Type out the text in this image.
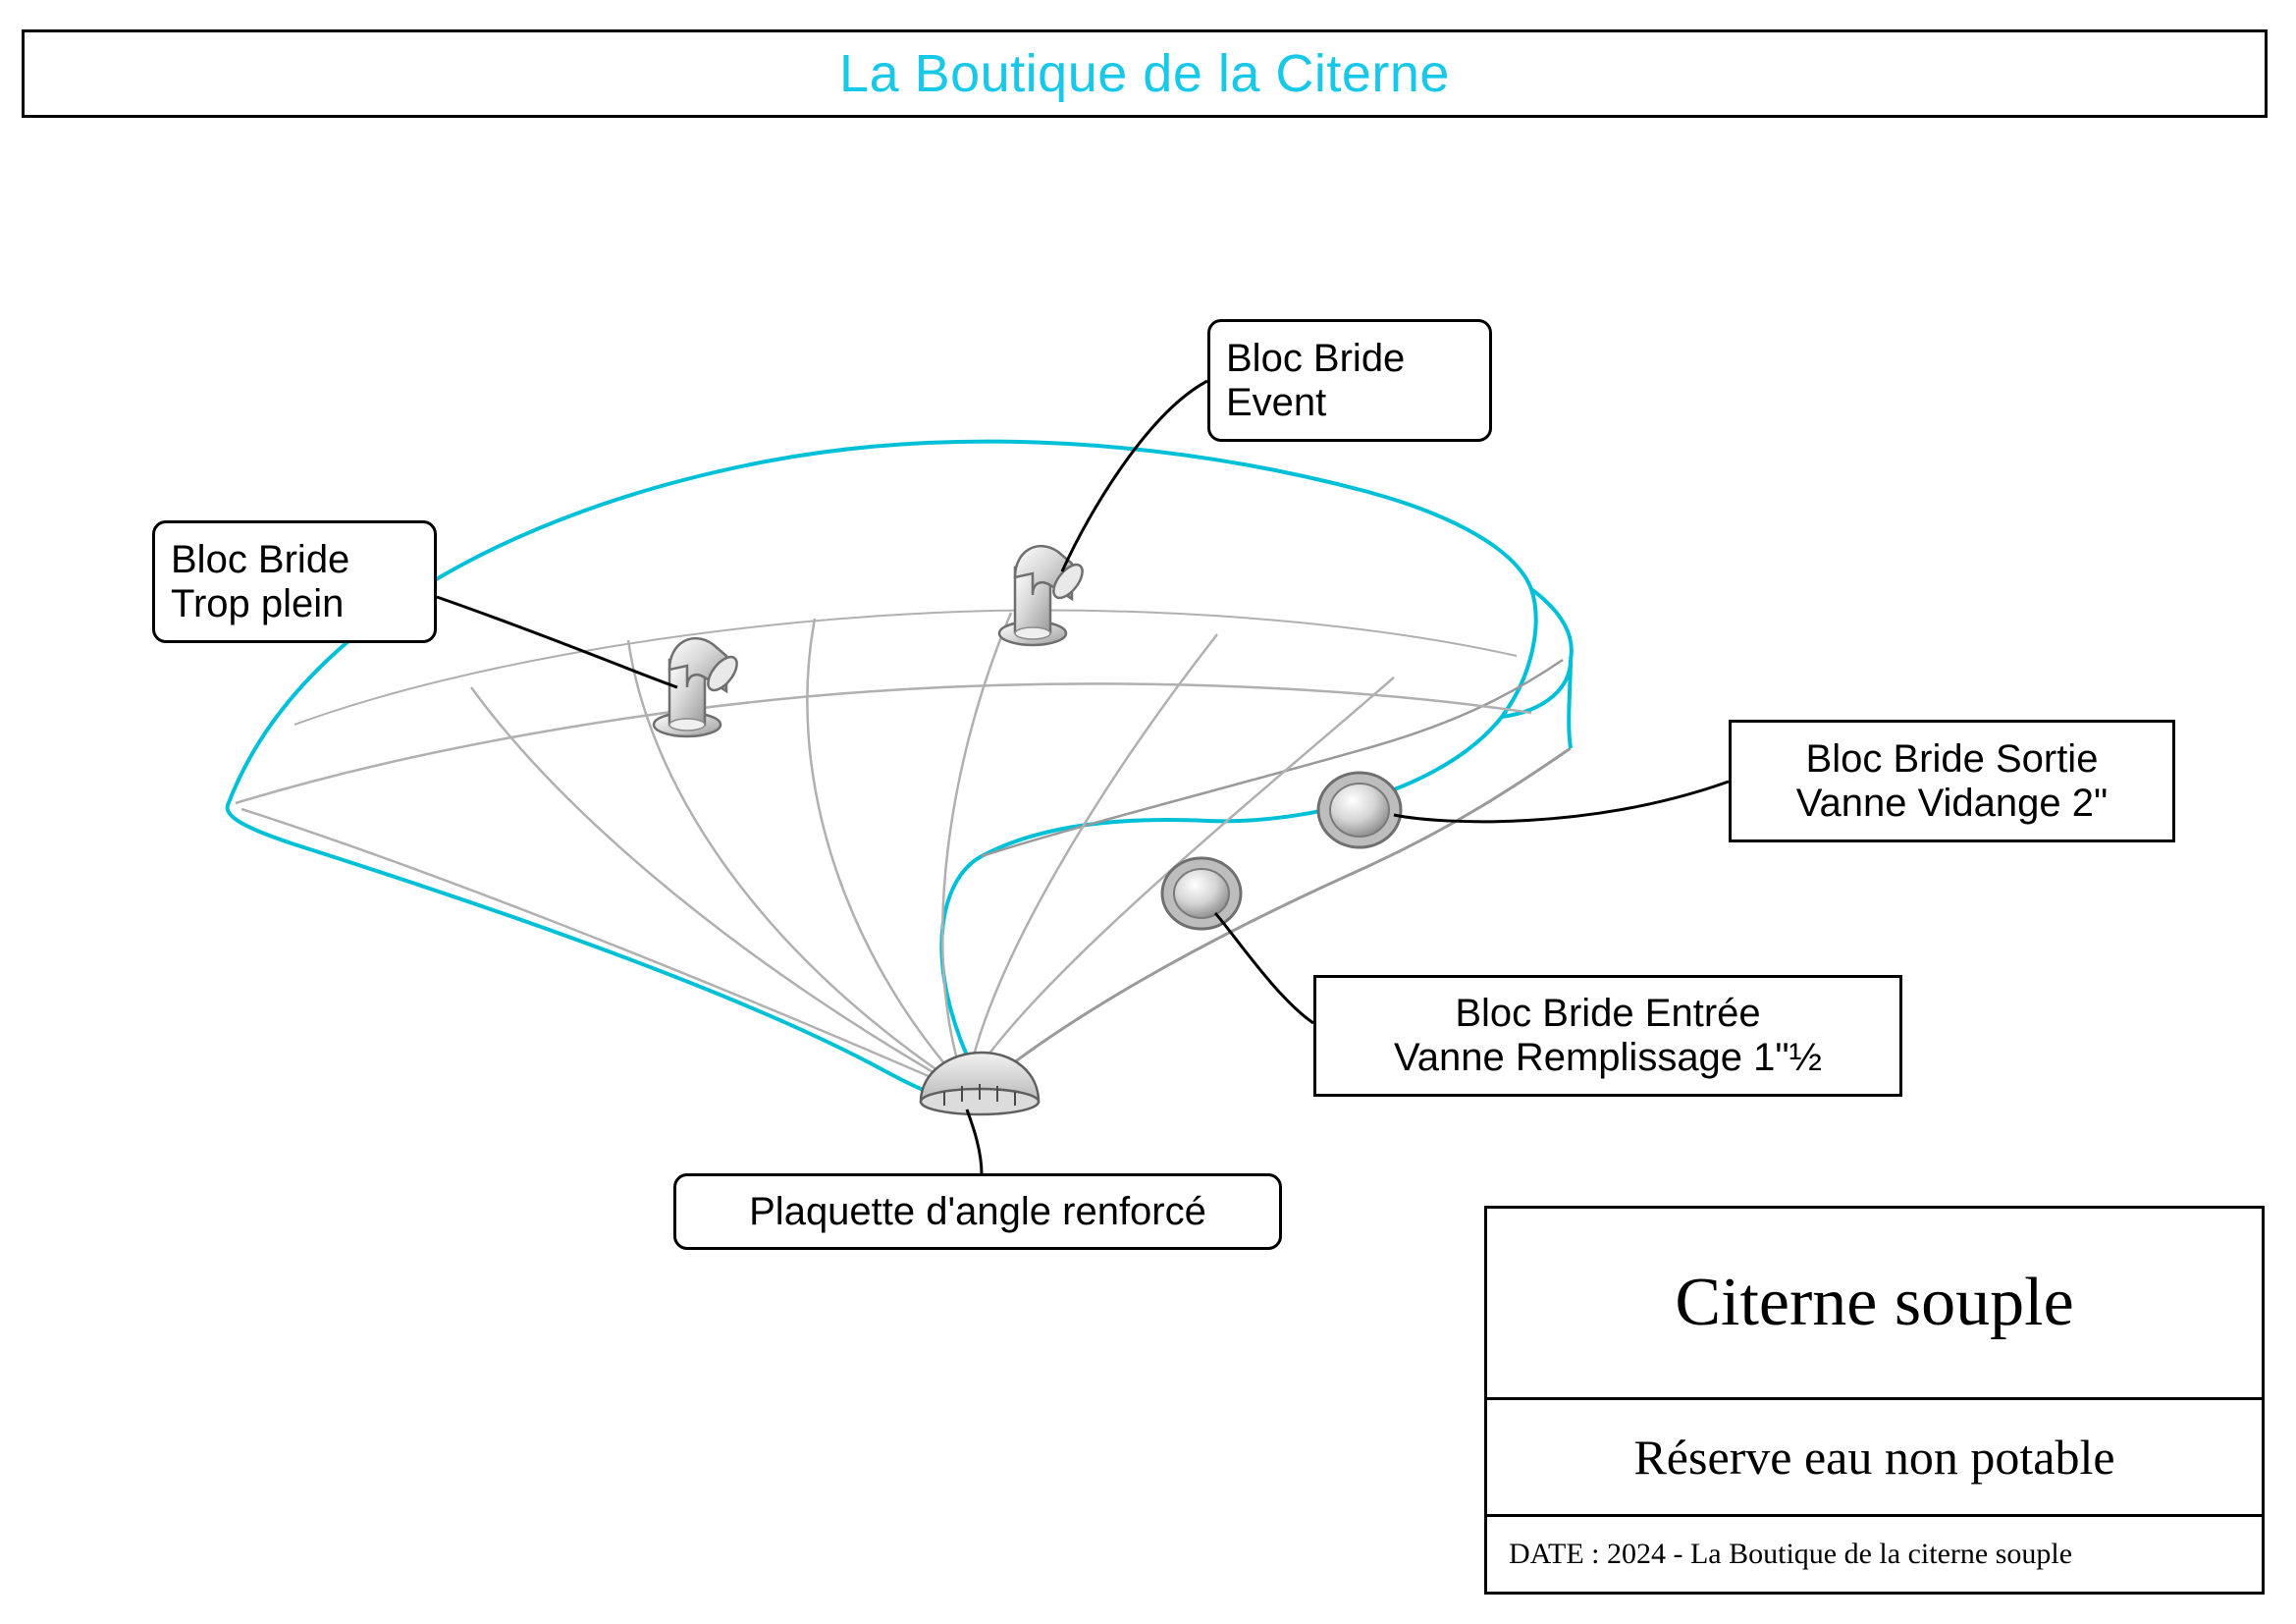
La Boutique de la Citerne
Bloc Bride
Event
Bloc Bride
Trop plein
Bloc Bride Sortie
Vanne Vidange 2"
Bloc Bride Entrée
Vanne Remplissage 1"½
Plaquette d'angle renforcé
Citerne souple
Réserve eau non potable
DATE : 2024 - La Boutique de la citerne souple
